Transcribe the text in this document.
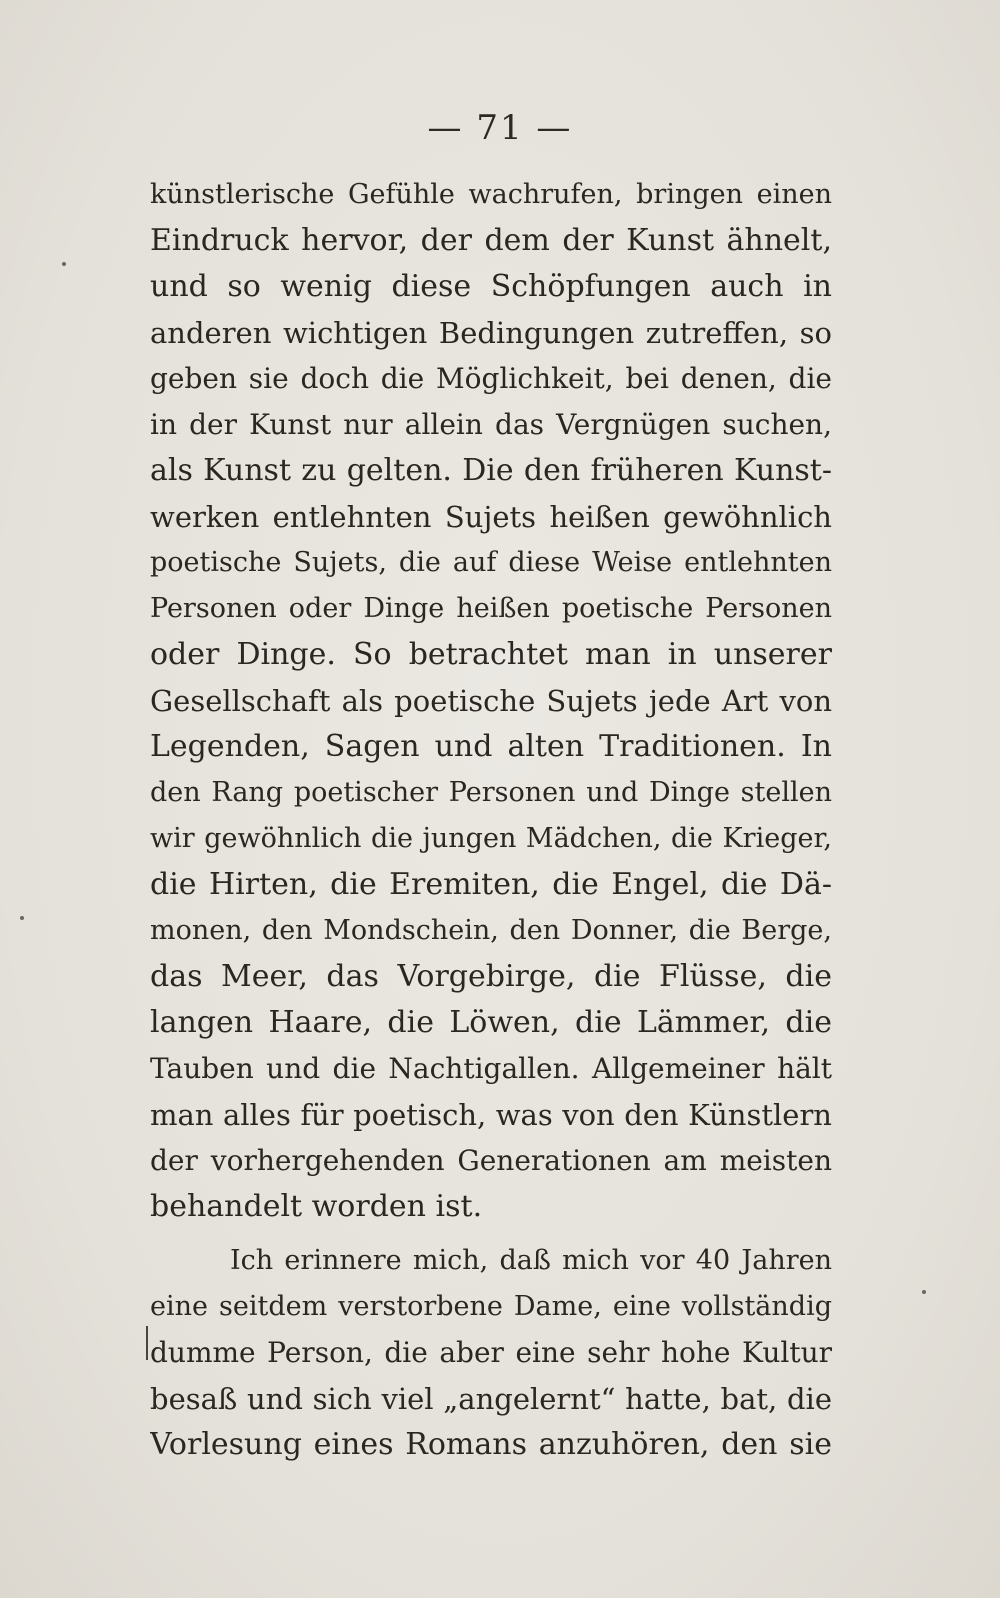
— 71 —
künstlerische Gefühle wachrufen, bringen einen
Eindruck hervor, der dem der Kunst ähnelt,
und so wenig diese Schöpfungen auch in
anderen wichtigen Bedingungen zutreffen, so
geben sie doch die Möglichkeit, bei denen, die
in der Kunst nur allein das Vergnügen suchen,
als Kunst zu gelten. Die den früheren Kunst-
werken entlehnten Sujets heißen gewöhnlich
poetische Sujets, die auf diese Weise entlehnten
Personen oder Dinge heißen poetische Personen
oder Dinge. So betrachtet man in unserer
Gesellschaft als poetische Sujets jede Art von
Legenden, Sagen und alten Traditionen. In
den Rang poetischer Personen und Dinge stellen
wir gewöhnlich die jungen Mädchen, die Krieger,
die Hirten, die Eremiten, die Engel, die Dä-
monen, den Mondschein, den Donner, die Berge,
das Meer, das Vorgebirge, die Flüsse, die
langen Haare, die Löwen, die Lämmer, die
Tauben und die Nachtigallen. Allgemeiner hält
man alles für poetisch, was von den Künstlern
der vorhergehenden Generationen am meisten
behandelt worden ist.
Ich erinnere mich, daß mich vor 40 Jahren
eine seitdem verstorbene Dame, eine vollständig
dumme Person, die aber eine sehr hohe Kultur
besaß und sich viel „angelernt“ hatte, bat, die
Vorlesung eines Romans anzuhören, den sie
